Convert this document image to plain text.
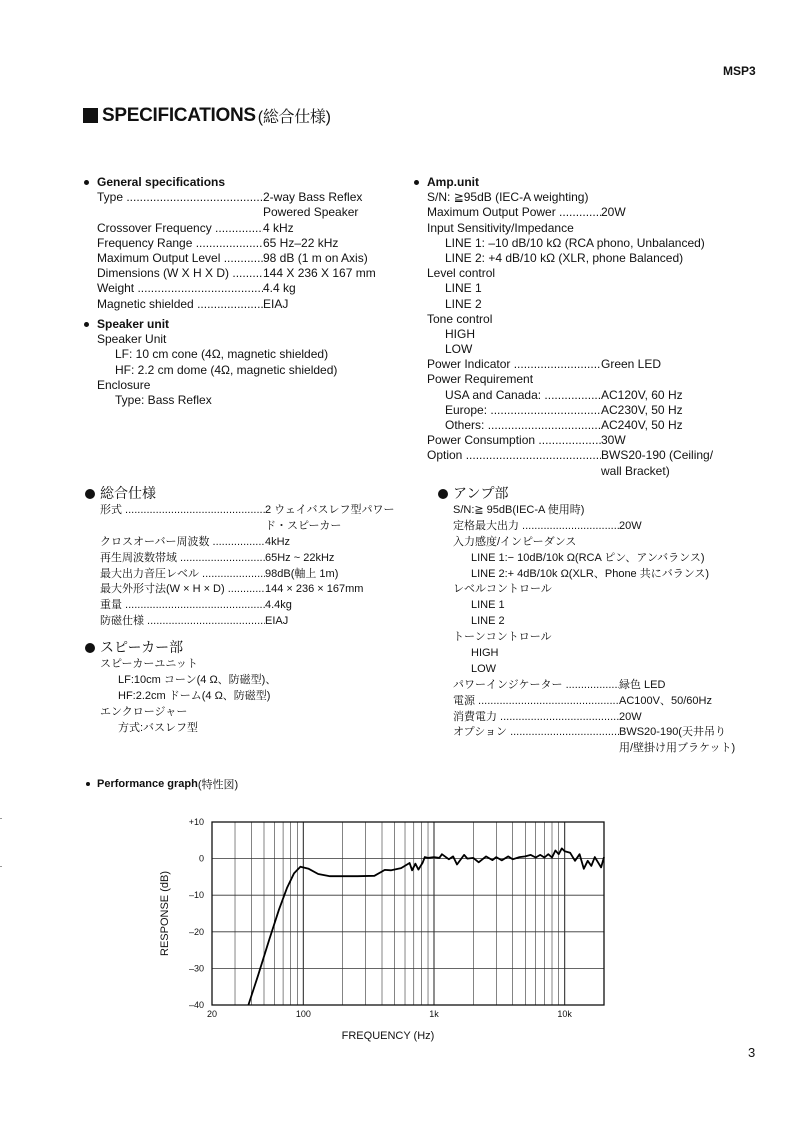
MSP3
SPECIFICATIONS (総合仕様)
General specifications
Type .....	2-way Bass Reflex
Powered Speaker
Crossover Frequency .....	4 kHz
Frequency Range .....	65 Hz–22 kHz
Maximum Output Level .....	98 dB (1 m on Axis)
Dimensions (W X H X D) .....	144 X 236 X 167 mm
Weight .....	4.4 kg
Magnetic shielded .....	EIAJ
Speaker unit
Speaker Unit
LF: 10 cm cone (4Ω, magnetic shielded)
HF: 2.2 cm dome (4Ω, magnetic shielded)
Enclosure
Type: Bass Reflex
Amp.unit
S/N: ≧95dB (IEC-A weighting)
Maximum Output Power .....	20W
Input Sensitivity/Impedance
LINE 1: –10 dB/10 kΩ (RCA phono, Unbalanced)
LINE 2: +4 dB/10 kΩ (XLR, phone Balanced)
Level control
LINE 1
LINE 2
Tone control
HIGH
LOW
Power Indicator .....	Green LED
Power Requirement
USA and Canada: .....	AC120V, 60 Hz
Europe: .....	AC230V, 50 Hz
Others: .....	AC240V, 50 Hz
Power Consumption .....	30W
Option .....	BWS20-190 (Ceiling/
wall Bracket)
総合仕様
形式 .....	2 ウェイバスレフ型パワー
ド・スピーカー
クロスオーバー周波数 .....	4kHz
再生周波数帯域 .....	65Hz ~ 22kHz
最大出力音圧レベル .....	98dB(軸上 1m)
最大外形寸法(W × H × D) .....	144 × 236 × 167mm
重量 .....	4.4kg
防磁仕様 .....	EIAJ
スピーカー部
スピーカーユニット
LF:10cm コーン(4 Ω、防磁型)、
HF:2.2cm ドーム(4 Ω、防磁型)
エンクロージャー
方式:バスレフ型
アンプ部
S/N:≧ 95dB(IEC-A 使用時)
定格最大出力 .....	20W
入力感度/インピーダンス
LINE 1:− 10dB/10k Ω(RCA ピン、アンバランス)
LINE 2:+ 4dB/10k Ω(XLR、Phone 共にバランス)
レベルコントロール
LINE 1
LINE 2
トーンコントロール
HIGH
LOW
パワーインジケーター .....	緑色 LED
電源 .....	AC100V、50/60Hz
消費電力 .....	20W
オプション .....	BWS20-190(天井吊り
用/壁掛け用ブラケット)
Performance graph (特性図)
+10
0
–10
–20
–30
–40
20	100	1k	10k
FREQUENCY (Hz)
RESPONSE (dB)
3
